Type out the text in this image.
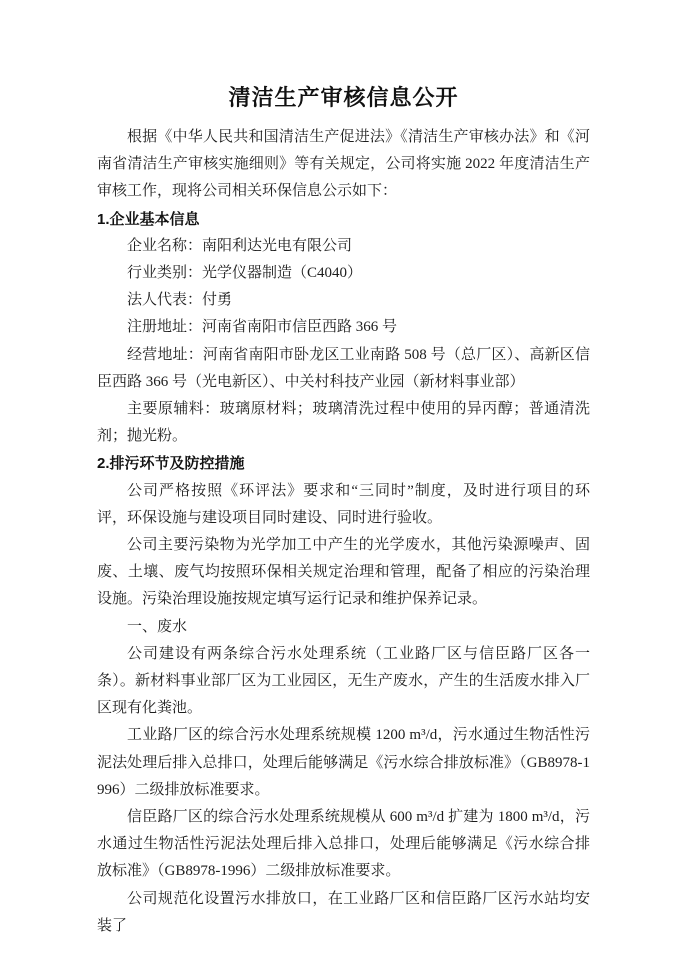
清洁生产审核信息公开

根据《中华人民共和国清洁生产促进法》《清洁生产审核办法》和《河南省清洁生产审核实施细则》等有关规定，公司将实施 2022 年度清洁生产审核工作，现将公司相关环保信息公示如下：

1.企业基本信息

企业名称：南阳利达光电有限公司

行业类别：光学仪器制造（C4040）

法人代表：付勇

注册地址：河南省南阳市信臣西路 366 号

经营地址：河南省南阳市卧龙区工业南路 508 号（总厂区）、高新区信臣西路 366 号（光电新区）、中关村科技产业园（新材料事业部）

主要原辅料：玻璃原材料；玻璃清洗过程中使用的异丙醇；普通清洗剂；抛光粉。

2.排污环节及防控措施

公司严格按照《环评法》要求和“三同时”制度，及时进行项目的环评，环保设施与建设项目同时建设、同时进行验收。

公司主要污染物为光学加工中产生的光学废水，其他污染源噪声、固废、土壤、废气均按照环保相关规定治理和管理，配备了相应的污染治理设施。污染治理设施按规定填写运行记录和维护保养记录。

一、废水

公司建设有两条综合污水处理系统（工业路厂区与信臣路厂区各一条）。新材料事业部厂区为工业园区，无生产废水，产生的生活废水排入厂区现有化粪池。

工业路厂区的综合污水处理系统规模 1200 m³/d，污水通过生物活性污泥法处理后排入总排口，处理后能够满足《污水综合排放标准》（GB8978-1996）二级排放标准要求。

信臣路厂区的综合污水处理系统规模从 600 m³/d 扩建为 1800 m³/d，污水通过生物活性污泥法处理后排入总排口，处理后能够满足《污水综合排放标准》（GB8978-1996）二级排放标准要求。

公司规范化设置污水排放口，在工业路厂区和信臣路厂区污水站均安装了
